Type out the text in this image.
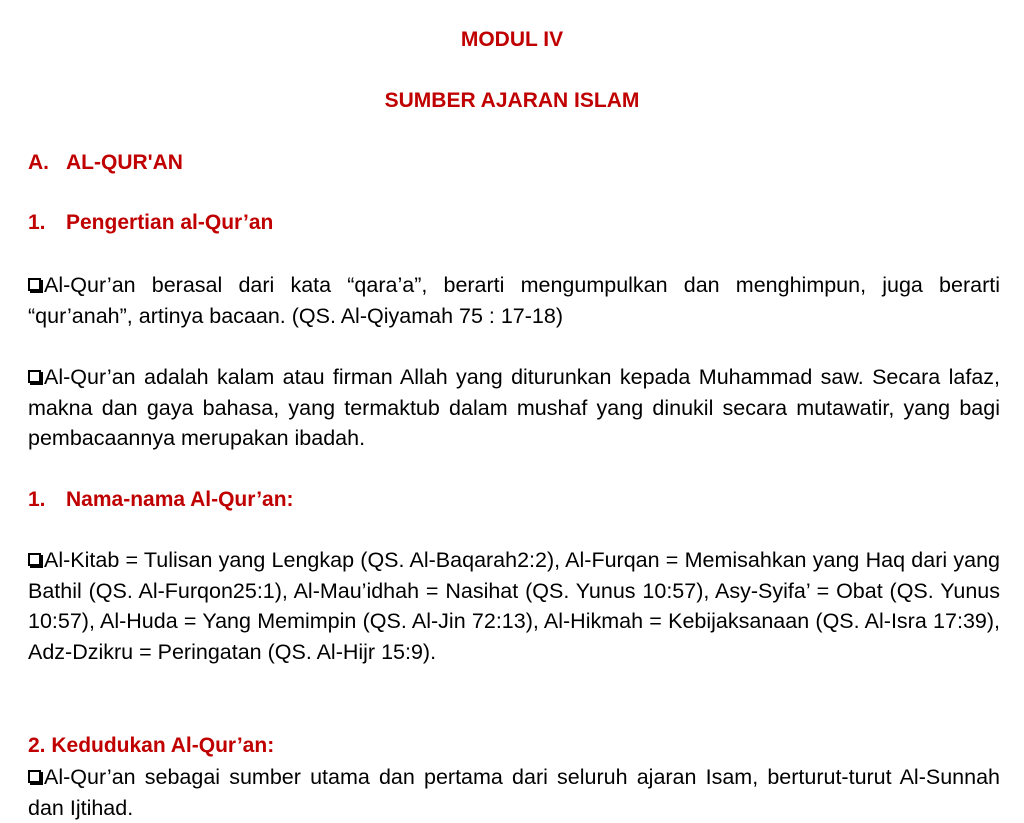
MODUL IV
SUMBER AJARAN ISLAM
A. AL-QUR'AN
1. Pengertian al-Qur’an
Al-Qur’an berasal dari kata “qara’a”, berarti mengumpulkan dan menghimpun, juga berarti “qur’anah”, artinya bacaan. (QS. Al-Qiyamah 75 : 17-18)
Al-Qur’an adalah kalam atau firman Allah yang diturunkan kepada Muhammad saw. Secara lafaz, makna dan gaya bahasa, yang termaktub dalam mushaf yang dinukil secara mutawatir, yang bagi pembacaannya merupakan ibadah.
1. Nama-nama Al-Qur’an:
Al-Kitab = Tulisan yang Lengkap (QS. Al-Baqarah2:2), Al-Furqan = Memisahkan yang Haq dari yang Bathil (QS. Al-Furqon25:1), Al-Mau’idhah = Nasihat (QS. Yunus 10:57), Asy-Syifa’ = Obat (QS. Yunus 10:57), Al-Huda = Yang Memimpin (QS. Al-Jin 72:13), Al-Hikmah = Kebijaksanaan (QS. Al-Isra 17:39), Adz-Dzikru = Peringatan (QS. Al-Hijr 15:9).
2. Kedudukan Al-Qur’an:
Al-Qur’an sebagai sumber utama dan pertama dari seluruh ajaran Isam, berturut-turut Al-Sunnah dan Ijtihad.
